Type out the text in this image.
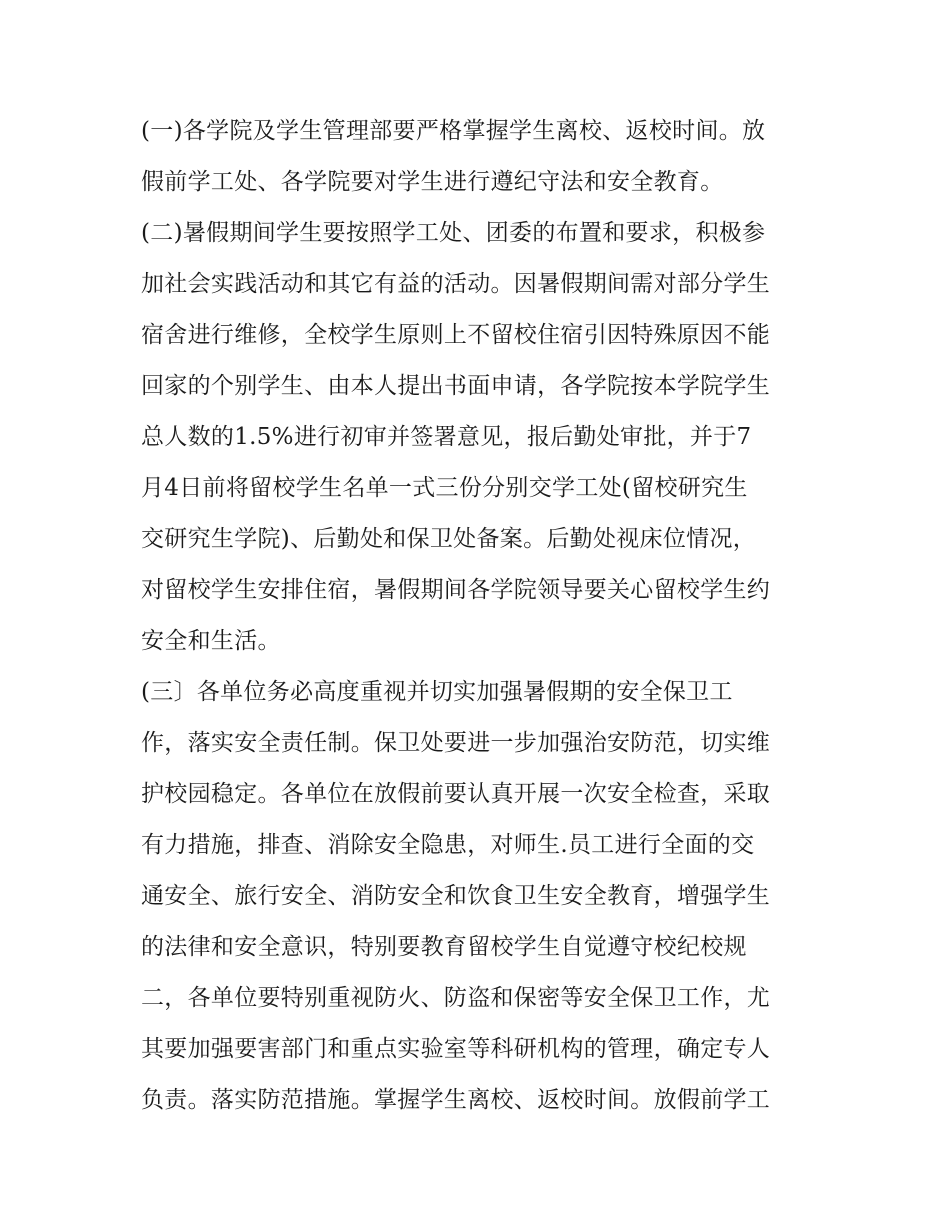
(一)各学院及学生管理部要严格掌握学生离校、返校时间。放
假前学工处、各学院要对学生进行遵纪守法和安全教育。
(二)暑假期间学生要按照学工处、团委的布置和要求，积极参
加社会实践活动和其它有益的活动。因暑假期间需对部分学生
宿舍进行维修，全校学生原则上不留校住宿引因特殊原因不能
回家的个别学生、由本人提出书面申请，各学院按本学院学生
总人数的1.5%进行初审并签署意见，报后勤处审批，并于7
月4日前将留校学生名单一式三份分别交学工处(留校研究生
交研究生学院)、后勤处和保卫处备案。后勤处视床位情况，
对留校学生安排住宿，暑假期间各学院领导要关心留校学生约
安全和生活。
(三〕各单位务必高度重视并切实加强暑假期的安全保卫工
作，落实安全责任制。保卫处要进一步加强治安防范，切实维
护校园稳定。各单位在放假前要认真开展一次安全检查，采取
有力措施，排查、消除安全隐患，对师生.员工进行全面的交
通安全、旅行安全、消防安全和饮食卫生安全教育，增强学生
的法律和安全意识，特别要教育留校学生自觉遵守校纪校规
二，各单位要特别重视防火、防盗和保密等安全保卫工作，尤
其要加强要害部门和重点实验室等科研机构的管理，确定专人
负责。落实防范措施。掌握学生离校、返校时间。放假前学工
